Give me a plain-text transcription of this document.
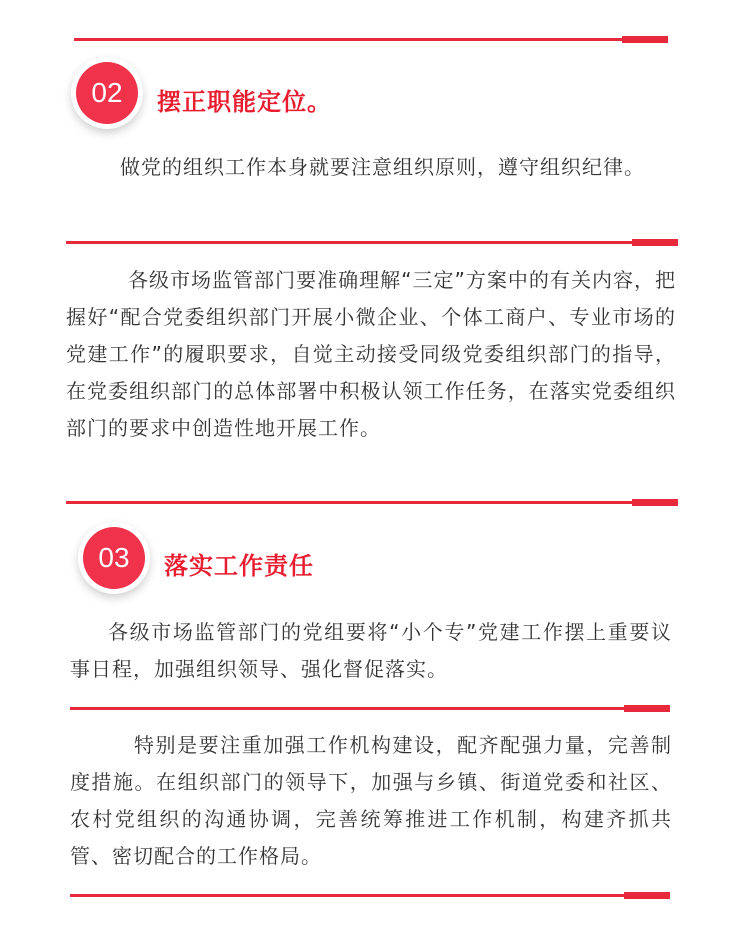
02	摆正职能定位。

做党的组织工作本身就要注意组织原则，遵守组织纪律。

各级市场监管部门要准确理解“三定”方案中的有关内容，把握好“配合党委组织部门开展小微企业、个体工商户、专业市场的党建工作”的履职要求，自觉主动接受同级党委组织部门的指导，在党委组织部门的总体部署中积极认领工作任务，在落实党委组织部门的要求中创造性地开展工作。

03	落实工作责任

各级市场监管部门的党组要将“小个专”党建工作摆上重要议事日程，加强组织领导、强化督促落实。

特别是要注重加强工作机构建设，配齐配强力量，完善制度措施。在组织部门的领导下，加强与乡镇、街道党委和社区、农村党组织的沟通协调，完善统筹推进工作机制，构建齐抓共管、密切配合的工作格局。
